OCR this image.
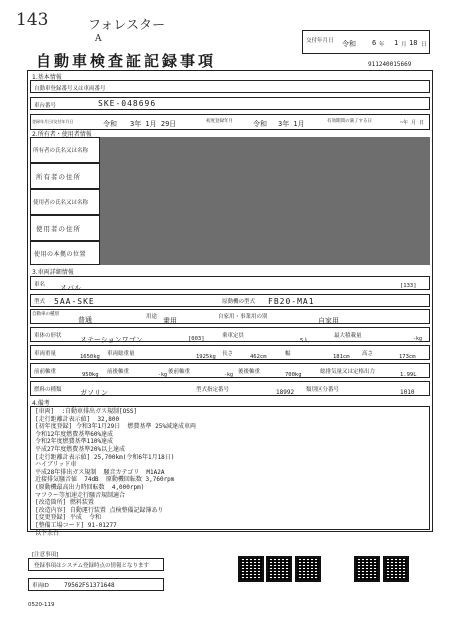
143	フォレスター
A	交付年月日 令和 6 年 1 月 18 日
自動車検査証記録事項	911240015669
1.基本情報
自動車登録番号又は車両番号
車台番号	SKE-048696
登録年月日/交付年月日	令和 3年 1月 29日	初度登録年月	令和 3年 1月	有効期間の満了する日	~年 月 日
2.所有者・使用者情報
所有者の氏名又は名称
所有者の住所
使用者の氏名又は名称
使用者の住所
使用の本拠の位置
3.車両詳細情報
車名 スバル	[133]
型式 5AA-SKE	原動機の型式 FB20-MA1
自動車の種別
普通	用途 乗用	自家用・事業用の別	自家用
車体の形状	ステーションワゴン	[003]	乗車定員
5人
最大積載量	-kg
車両重量	1650kg 車両総重量	1925kg 長さ	462cm	幅	181cm 高さ	173cm
前前軸重	950kg 前後軸重	-kg 後前軸重	-kg 後後軸重	700kg	総排気量又は定格出力	1.99L
燃料の種類	ガソリン	型式指定番号	18992 類別区分番号	1010
4.備考
[車両]  :自動車排出ガス規制[OSS]
[走行距離計表示値]  32,800
[初年度登録] 令和3年1月29日  燃費基準 25%減達成車両
令和12年度燃費基準60%達成
令和2年度燃費基準110%達成
平成27年度燃費基準20%以上達成
[走行距離計表示値] 25,700km(令和6年1月18日)
ハイブリッド車
平成28年排出ガス規制  騒音カテゴリ  M1A2A
近接排気騒音値  74dB  原動機回転数 3,760rpm
(原動機最高出力時回転数  4,000rpm)
マフラー等加速走行騒音規制適合
[改造箇所] 燃料装置
[改造内容] 自動運行装置 点検整備記録簿あり
[変更登録] 平成  令和
[整備工場コード] 91-01277
以下余白
[注意事項]
登録事項はシステム登録時点の情報となります
車両ID	79562FS1371648
0520-119
